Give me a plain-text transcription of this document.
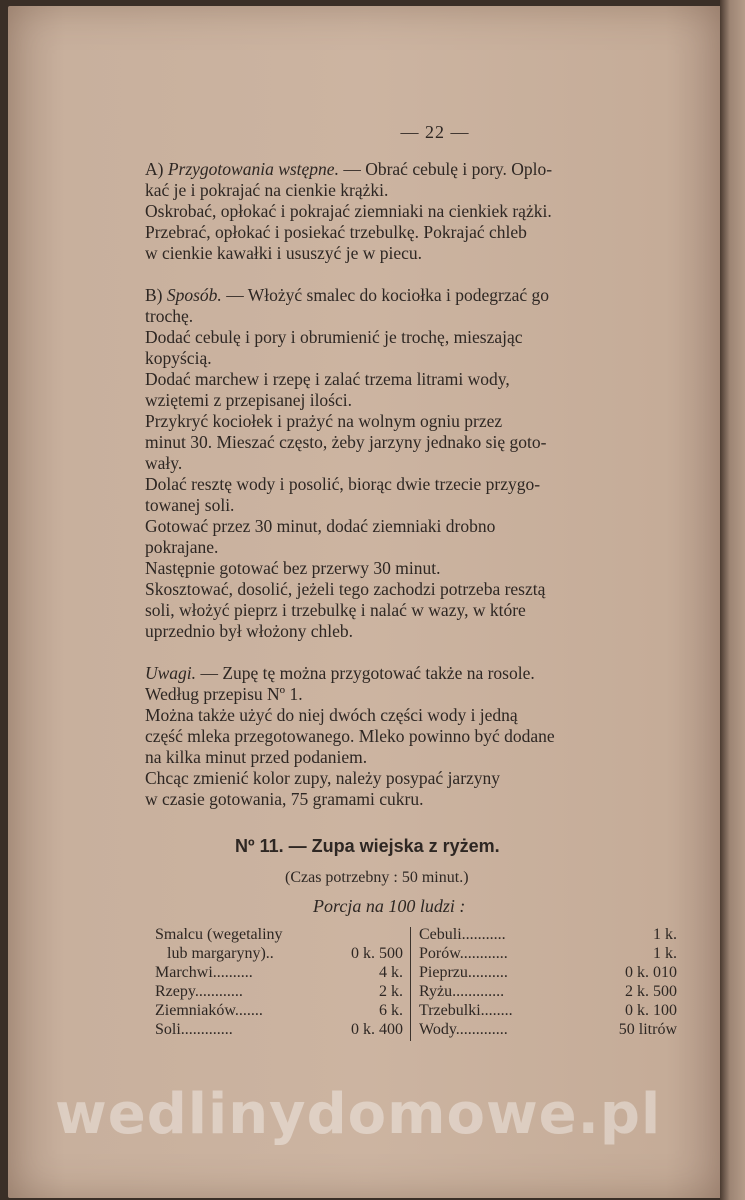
— 22 —
A) Przygotowania wstępne. — Obrać cebulę i pory. Oplo-
kać je i pokrajać na cienkie krążki.
Oskrobać, opłokać i pokrajać ziemniaki na cienkiek rążki.
Przebrać, opłokać i posiekać trzebulkę. Pokrajać chleb
w cienkie kawałki i ususzyć je w piecu.
B) Sposób. — Włożyć smalec do kociołka i podegrzać go
trochę.
Dodać cebulę i pory i obrumienić je trochę, mieszając
kopyścią.
Dodać marchew i rzepę i zalać trzema litrami wody,
wziętemi z przepisanej ilości.
Przykryć kociołek i prażyć na wolnym ogniu przez
minut 30. Mieszać często, żeby jarzyny jednako się goto-
wały.
Dolać resztę wody i posolić, biorąc dwie trzecie przygo-
towanej soli.
Gotować przez 30 minut, dodać ziemniaki drobno
pokrajane.
Następnie gotować bez przerwy 30 minut.
Skosztować, dosolić, jeżeli tego zachodzi potrzeba resztą
soli, włożyć pieprz i trzebulkę i nalać w wazy, w które
uprzednio był włożony chleb.
Uwagi. — Zupę tę można przygotować także na rosole.
Według przepisu Nº 1.
Można także użyć do niej dwóch części wody i jedną
część mleka przegotowanego. Mleko powinno być dodane
na kilka minut przed podaniem.
Chcąc zmienić kolor zupy, należy posypać jarzyny
w czasie gotowania, 75 gramami cukru.
Nº 11. — Zupa wiejska z ryżem.
(Czas potrzebny : 50 minut.)
Porcja na 100 ludzi :
Smalcu (wegetaliny
lub margaryny)..	0 k. 500
Marchwi..........	4 k.
Rzepy............	2 k.
Ziemniaków.......	6 k.
Soli.............	0 k. 400
Cebuli...........	1 k.
Porów............	1 k.
Pieprzu..........	0 k. 010
Ryżu.............	2 k. 500
Trzebulki........	0 k. 100
Wody.............	50 litrów
wedlinydomowe.pl
